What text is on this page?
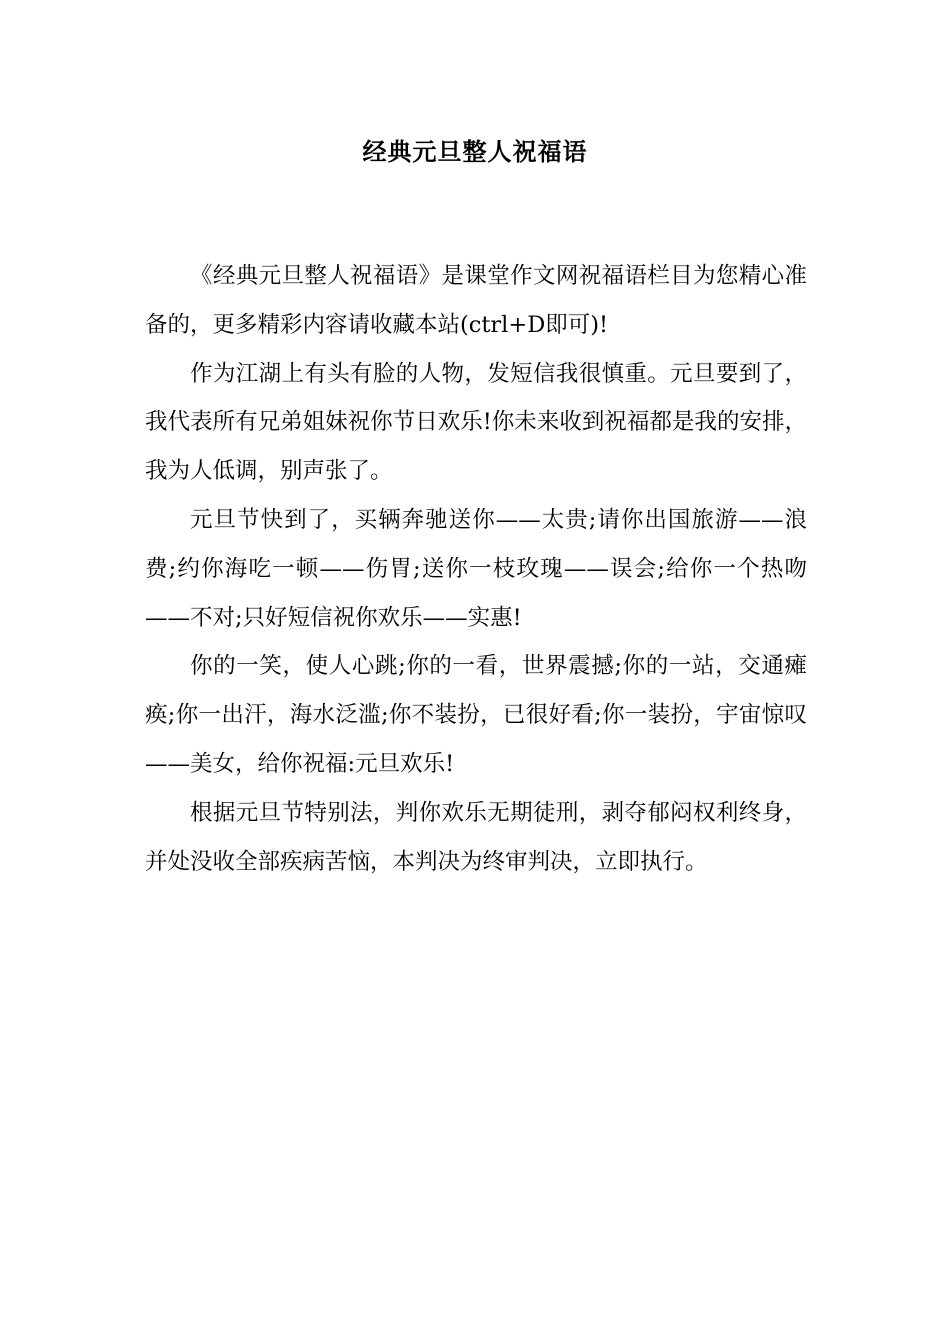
经典元旦整人祝福语

《经典元旦整人祝福语》是课堂作文网祝福语栏目为您精心准备的，更多精彩内容请收藏本站(ctrl+D即可)!

作为江湖上有头有脸的人物，发短信我很慎重。元旦要到了，我代表所有兄弟姐妹祝你节日欢乐!你未来收到祝福都是我的安排，我为人低调，别声张了。

元旦节快到了，买辆奔驰送你——太贵;请你出国旅游——浪费;约你海吃一顿——伤胃;送你一枝玫瑰——误会;给你一个热吻——不对;只好短信祝你欢乐——实惠!

你的一笑，使人心跳;你的一看，世界震撼;你的一站，交通瘫痪;你一出汗，海水泛滥;你不装扮，已很好看;你一装扮，宇宙惊叹——美女，给你祝福:元旦欢乐!

根据元旦节特别法，判你欢乐无期徒刑，剥夺郁闷权利终身，并处没收全部疾病苦恼，本判决为终审判决，立即执行。
